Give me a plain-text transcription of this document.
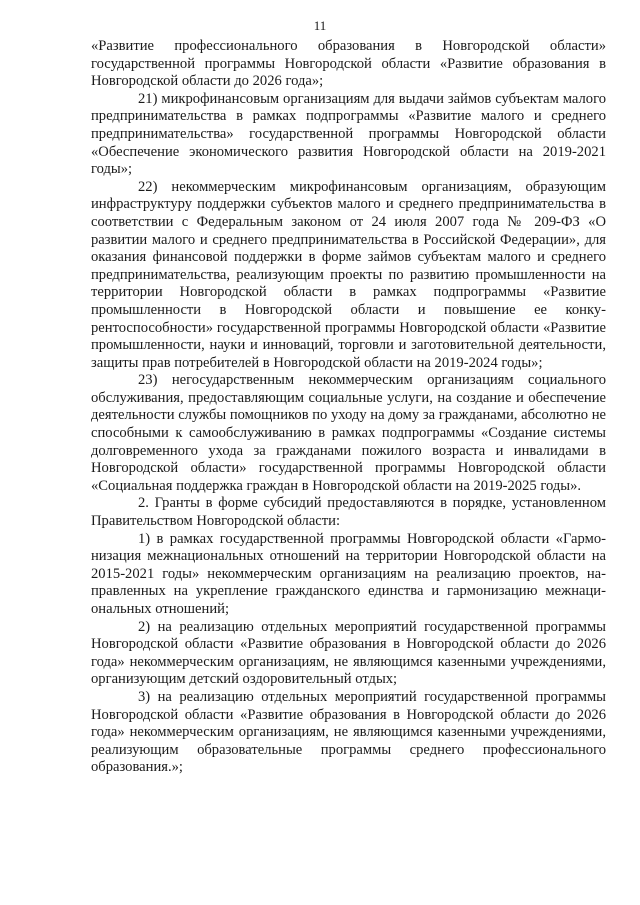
11

«Развитие профессионального образования в Новгородской области» государственной программы Новгородской области «Развитие образования в Новгородской области до 2026 года»;

21) микрофинансовым организациям для выдачи займов субъектам малого предпринимательства в рамках подпрограммы «Развитие малого и среднего предпринимательства» государственной программы Новгородской области «Обеспечение экономического развития Новгородской области на 2019-2021 годы»;

22) некоммерческим микрофинансовым организациям, образующим инфраструктуру поддержки субъектов малого и среднего предпринимательства в соответствии с Федеральным законом от 24 июля 2007 года № 209-ФЗ «О развитии малого и среднего предпринимательства в Российской Федерации», для оказания финансовой поддержки в форме займов субъектам малого и среднего предпринимательства, реализующим проекты по развитию промышленности на территории Новгородской области в рамках подпрограммы «Развитие промышленности в Новгородской области и повышение ее конкурентоспособности» государственной программы Новгородской области «Развитие промышленности, науки и инноваций, торговли и заготовительной деятельности, защиты прав потребителей в Новгородской области на 2019-2024 годы»;

23) негосударственным некоммерческим организациям социального обслуживания, предоставляющим социальные услуги, на создание и обеспечение деятельности службы помощников по уходу на дому за гражданами, абсолютно не способными к самообслуживанию в рамках подпрограммы «Создание системы долговременного ухода за гражданами пожилого возраста и инвалидами в Новгородской области» государственной программы Новгородской области «Социальная поддержка граждан в Новгородской области на 2019-2025 годы».

2. Гранты в форме субсидий предоставляются в порядке, установленном Правительством Новгородской области:

1) в рамках государственной программы Новгородской области «Гармонизация межнациональных отношений на территории Новгородской области на 2015-2021 годы» некоммерческим организациям на реализацию проектов, направленных на укрепление гражданского единства и гармонизацию межнациональных отношений;

2) на реализацию отдельных мероприятий государственной программы Новгородской области «Развитие образования в Новгородской области до 2026 года» некоммерческим организациям, не являющимся казенными учреждениями, организующим детский оздоровительный отдых;

3) на реализацию отдельных мероприятий государственной программы Новгородской области «Развитие образования в Новгородской области до 2026 года» некоммерческим организациям, не являющимся казенными учреждениями, реализующим образовательные программы среднего профессионального образования.»;
